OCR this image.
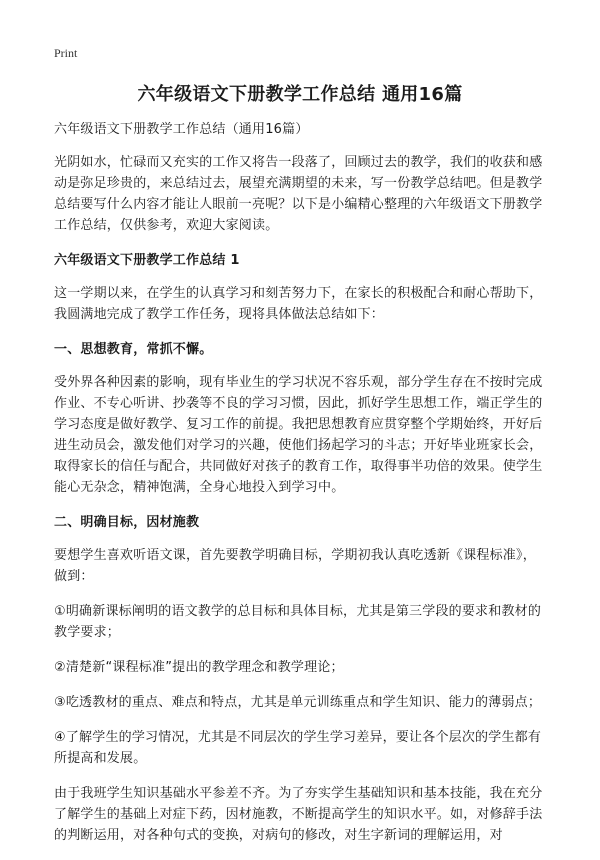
Print
六年级语文下册教学工作总结 通用16篇

六年级语文下册教学工作总结（通用16篇）

光阴如水，忙碌而又充实的工作又将告一段落了，回顾过去的教学，我们的收获和感动是弥足珍贵的，来总结过去，展望充满期望的未来，写一份教学总结吧。但是教学总结要写什么内容才能让人眼前一亮呢？以下是小编精心整理的六年级语文下册教学工作总结，仅供参考，欢迎大家阅读。

六年级语文下册教学工作总结 1

这一学期以来，在学生的认真学习和刻苦努力下，在家长的积极配合和耐心帮助下，我圆满地完成了教学工作任务，现将具体做法总结如下：

一、思想教育，常抓不懈。

受外界各种因素的影响，现有毕业生的学习状况不容乐观，部分学生存在不按时完成作业、不专心听讲、抄袭等不良的学习习惯，因此，抓好学生思想工作，端正学生的学习态度是做好教学、复习工作的前提。我把思想教育应贯穿整个学期始终，开好后进生动员会，激发他们对学习的兴趣，使他们扬起学习的斗志；开好毕业班家长会，取得家长的信任与配合，共同做好对孩子的教育工作，取得事半功倍的效果。使学生能心无杂念，精神饱满，全身心地投入到学习中。

二、明确目标，因材施教

要想学生喜欢听语文课，首先要教学明确目标，学期初我认真吃透新《课程标准》，做到：

①明确新课标阐明的语文教学的总目标和具体目标，尤其是第三学段的要求和教材的教学要求；

②清楚新“课程标准”提出的教学理念和教学理论；

③吃透教材的重点、难点和特点，尤其是单元训练重点和学生知识、能力的薄弱点；

④了解学生的学习情况，尤其是不同层次的学生学习差异，要让各个层次的学生都有所提高和发展。

由于我班学生知识基础水平参差不齐。为了夯实学生基础知识和基本技能，我在充分了解学生的基础上对症下药，因材施教，不断提高学生的知识水平。如，对修辞手法的判断运用，对各种句式的变换，对病句的修改，对生字新词的理解运用，对
